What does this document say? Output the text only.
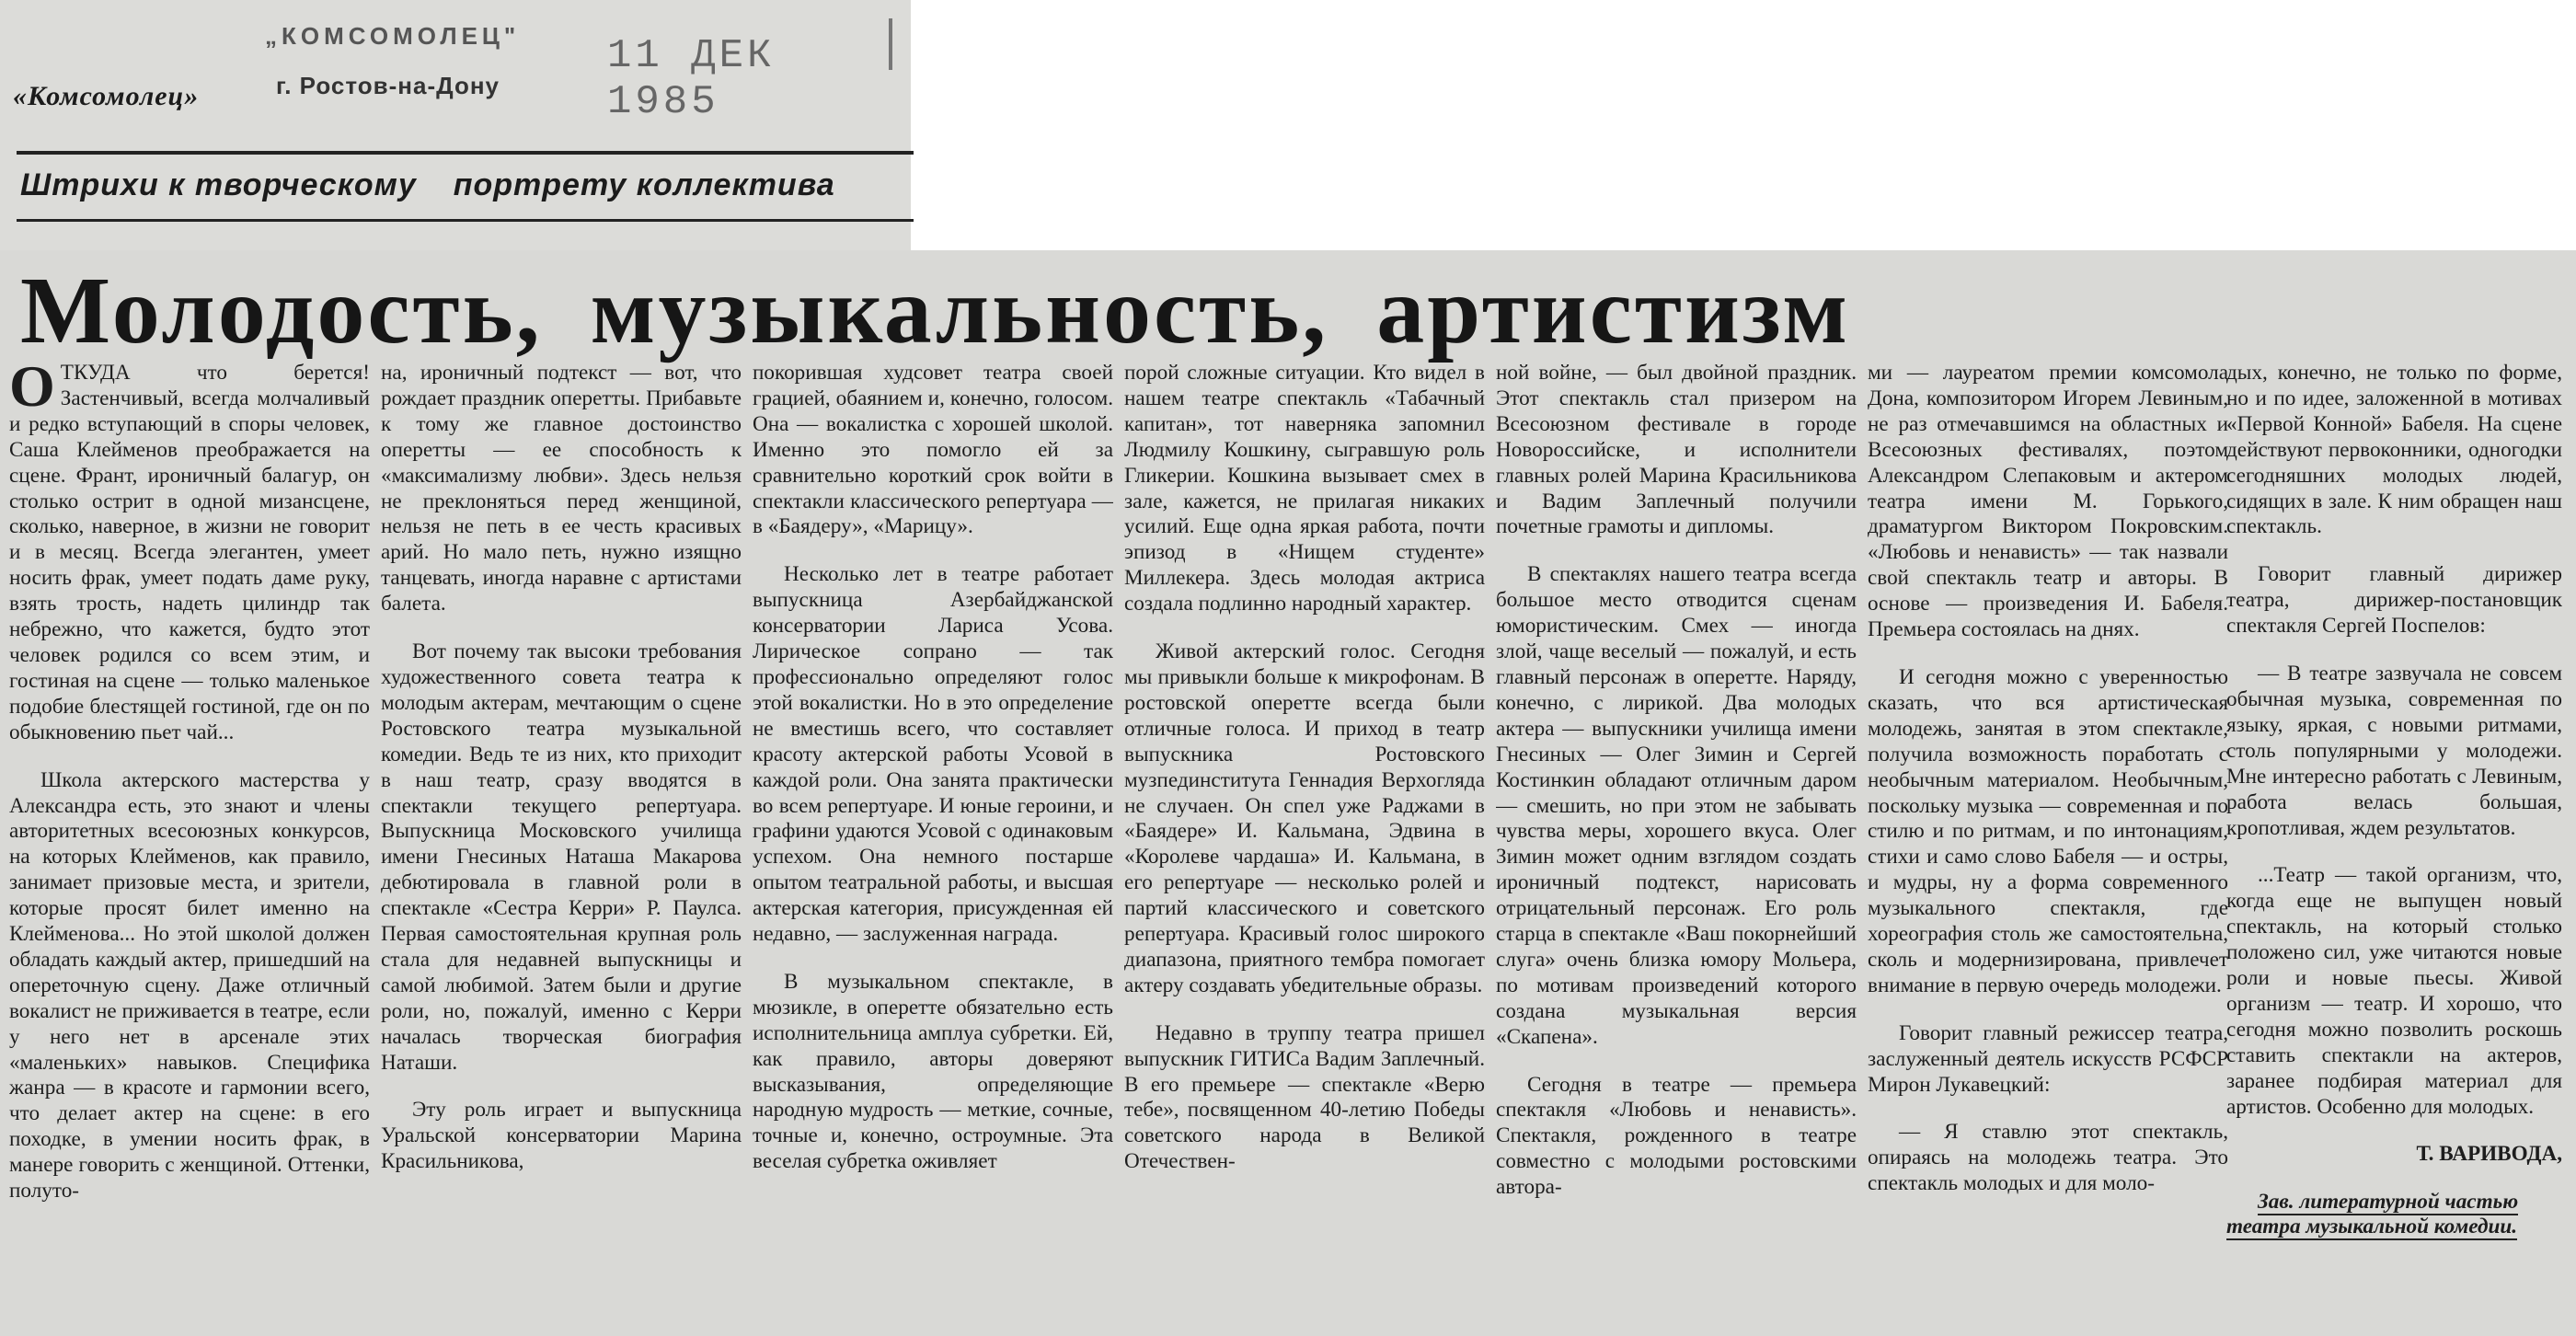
«Комсомолец»
„КОМСОМОЛЕЦ"
г. Ростов-на-Дону
11 ДЕК 1985
Штрихи к творческому портрету коллектива
Молодость, музыкальность, артистизм

ОТКУДА что берется! Застенчивый, всегда молчаливый и редко вступающий в споры человек, Саша Клейменов преображается на сцене. Франт, ироничный балагур, он столько острит в одной мизансцене, сколько, наверное, в жизни не говорит и в месяц. Всегда элегантен, умеет носить фрак, умеет подать даме руку, взять трость, надеть цилиндр так небрежно, что кажется, будто этот человек родился со всем этим, и гостиная на сцене — только маленькое подобие блестящей гостиной, где он по обыкновению пьет чай...

Школа актерского мастерства у Александра есть, это знают и члены авторитетных всесоюзных конкурсов, на которых Клейменов, как правило, занимает призовые места, и зрители, которые просят билет именно на Клейменова... Но этой школой должен обладать каждый актер, пришедший на опереточную сцену. Даже отличный вокалист не приживается в театре, если у него нет в арсенале этих «маленьких» навыков. Специфика жанра — в красоте и гармонии всего, что делает актер на сцене: в его походке, в умении носить фрак, в манере говорить с женщиной. Оттенки, полуто-

на, ироничный подтекст — вот, что рождает праздник оперетты. Прибавьте к тому же главное достоинство оперетты — ее способность к «максимализму любви». Здесь нельзя не преклоняться перед женщиной, нельзя не петь в ее честь красивых арий. Но мало петь, нужно изящно танцевать, иногда наравне с артистами балета.

Вот почему так высоки требования художественного совета театра к молодым актерам, мечтающим о сцене Ростовского театра музыкальной комедии. Ведь те из них, кто приходит в наш театр, сразу вводятся в спектакли текущего репертуара. Выпускница Московского училища имени Гнесиных Наташа Макарова дебютировала в главной роли в спектакле «Сестра Керри» Р. Паулса. Первая самостоятельная крупная роль стала для недавней выпускницы и самой любимой. Затем были и другие роли, но, пожалуй, именно с Керри началась творческая биография Наташи.

Эту роль играет и выпускница Уральской консерватории Марина Красильникова,

покорившая худсовет театра своей грацией, обаянием и, конечно, голосом. Она — вокалистка с хорошей школой. Именно это помогло ей за сравнительно короткий срок войти в спектакли классического репертуара — в «Баядеру», «Марицу».

Несколько лет в театре работает выпускница Азербайджанской консерватории Лариса Усова. Лирическое сопрано — так профессионально определяют голос этой вокалистки. Но в это определение не вместишь всего, что составляет красоту актерской работы Усовой в каждой роли. Она занята практически во всем репертуаре. И юные героини, и графини удаются Усовой с одинаковым успехом. Она немного постарше опытом театральной работы, и высшая актерская категория, присужденная ей недавно, — заслуженная награда.

В музыкальном спектакле, в мюзикле, в оперетте обязательно есть исполнительница амплуа субретки. Ей, как правило, авторы доверяют высказывания, определяющие народную мудрость — меткие, сочные, точные и, конечно, остроумные. Эта веселая субретка оживляет

порой сложные ситуации. Кто видел в нашем театре спектакль «Табачный капитан», тот наверняка запомнил Людмилу Кошкину, сыгравшую роль Гликерии. Кошкина вызывает смех в зале, кажется, не прилагая никаких усилий. Еще одна яркая работа, почти эпизод в «Нищем студенте» Миллекера. Здесь молодая актриса создала подлинно народный характер.

Живой актерский голос. Сегодня мы привыкли больше к микрофонам. В ростовской оперетте всегда были отличные голоса. И приход в театр выпускника Ростовского музпединститута Геннадия Верхогляда не случаен. Он спел уже Раджами в «Баядере» И. Кальмана, Эдвина в «Королеве чардаша» И. Кальмана, в его репертуаре — несколько ролей и партий классического и советского репертуара. Красивый голос широкого диапазона, приятного тембра помогает актеру создавать убедительные образы.

Недавно в труппу театра пришел выпускник ГИТИСа Вадим Заплечный. В его премьере — спектакле «Верю тебе», посвященном 40-летию Победы советского народа в Великой Отечествен-

ной войне, — был двойной праздник. Этот спектакль стал призером на Всесоюзном фестивале в городе Новороссийске, и исполнители главных ролей Марина Красильникова и Вадим Заплечный получили почетные грамоты и дипломы.

В спектаклях нашего театра всегда большое место отводится сценам юмористическим. Смех — иногда злой, чаще веселый — пожалуй, и есть главный персонаж в оперетте. Наряду, конечно, с лирикой. Два молодых актера — выпускники училища имени Гнесиных — Олег Зимин и Сергей Костинкин обладают отличным даром — смешить, но при этом не забывать чувства меры, хорошего вкуса. Олег Зимин может одним взглядом создать ироничный подтекст, нарисовать отрицательный персонаж. Его роль старца в спектакле «Ваш покорнейший слуга» очень близка юмору Мольера, по мотивам произведений которого создана музыкальная версия «Скапена».

Сегодня в театре — премьера спектакля «Любовь и ненависть». Спектакля, рожденного в театре совместно с молодыми ростовскими автора-

ми — лауреатом премии комсомола Дона, композитором Игорем Левиным, не раз отмечавшимся на областных и Всесоюзных фестивалях, поэтом Александром Слепаковым и актером театра имени М. Горького, драматургом Виктором Покровским. «Любовь и ненависть» — так назвали свой спектакль театр и авторы. В основе — произведения И. Бабеля. Премьера состоялась на днях.

И сегодня можно с уверенностью сказать, что вся артистическая молодежь, занятая в этом спектакле, получила возможность поработать с необычным материалом. Необычным, поскольку музыка — современная и по стилю и по ритмам, и по интонациям, стихи и само слово Бабеля — и остры, и мудры, ну а форма современного музыкального спектакля, где хореография столь же самостоятельна, сколь и модернизирована, привлечет внимание в первую очередь молодежи.

Говорит главный режиссер театра, заслуженный деятель искусств РСФСР Мирон Лукавецкий:

— Я ставлю этот спектакль, опираясь на молодежь театра. Это спектакль молодых и для моло-

дых, конечно, не только по форме, но и по идее, заложенной в мотивах «Первой Конной» Бабеля. На сцене действуют первоконники, одногодки сегодняшних молодых людей, сидящих в зале. К ним обращен наш спектакль.

Говорит главный дирижер театра, дирижер-постановщик спектакля Сергей Поспелов:

— В театре зазвучала не совсем обычная музыка, современная по языку, яркая, с новыми ритмами, столь популярными у молодежи. Мне интересно работать с Левиным, работа велась большая, кропотливая, ждем результатов.

...Театр — такой организм, что, когда еще не выпущен новый спектакль, на который столько положено сил, уже читаются новые роли и новые пьесы. Живой организм — театр. И хорошо, что сегодня можно позволить роскошь ставить спектакли на актеров, заранее подбирая материал для артистов. Особенно для молодых.

Т. ВАРИВОДА,

Зав. литературной частью театра музыкальной комедии.
